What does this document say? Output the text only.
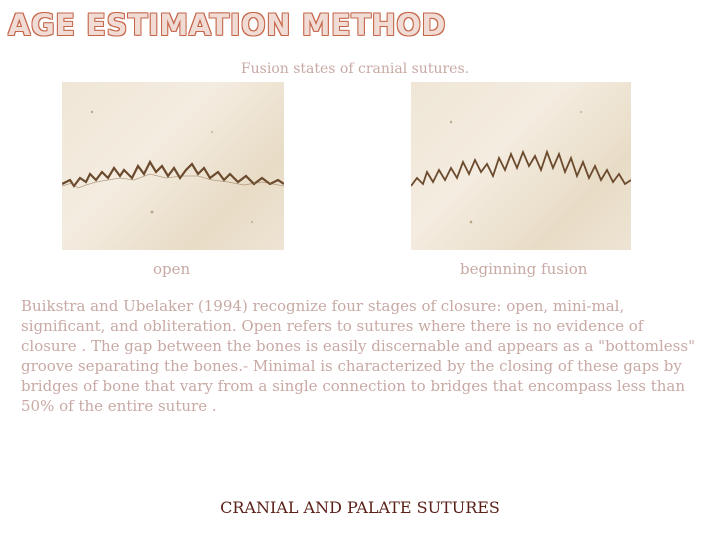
AGE ESTIMATION METHOD
Fusion states of cranial sutures.
open	beginning fusion
Buikstra and Ubelaker (1994) recognize four stages of closure: open, mini-mal, significant, and obliteration. Open refers to sutures where there is no evidence of closure . The gap between the bones is easily discernable and appears as a "bottomless" groove separating the bones.- Minimal is characterized by the closing of these gaps by bridges of bone that vary from a single connection to bridges that encompass less than 50% of the entire suture .
CRANIAL AND PALATE SUTURES
